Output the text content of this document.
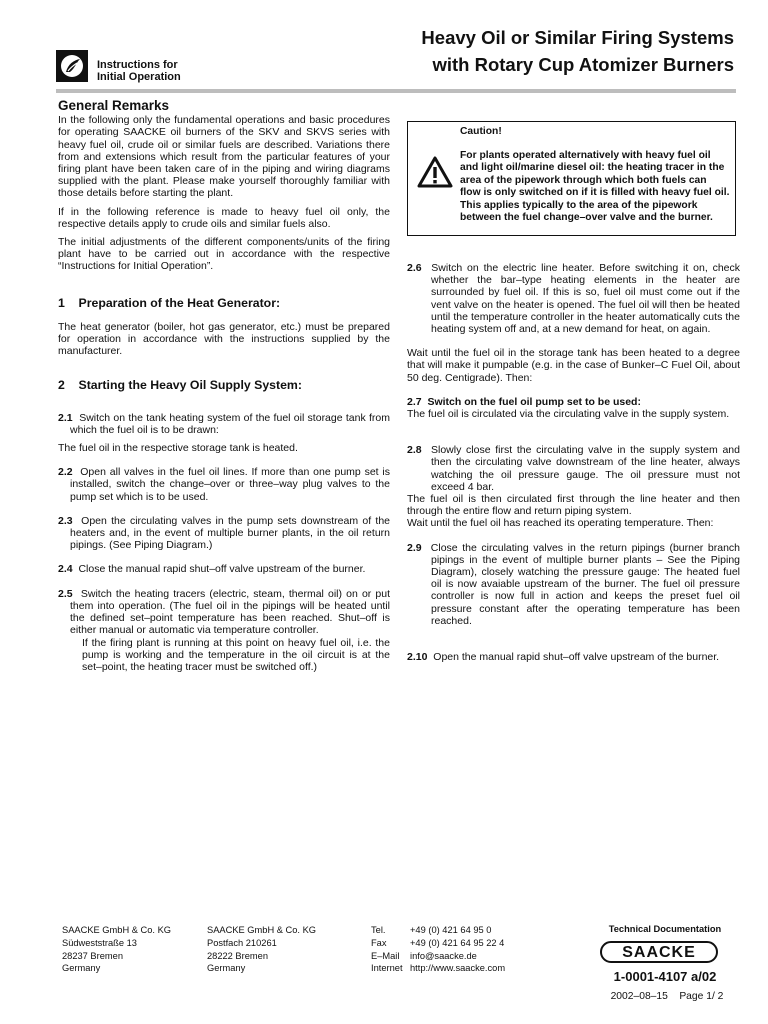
Heavy Oil or Similar Firing Systems
with Rotary Cup Atomizer Burners
Instructions for
Initial Operation

General Remarks

In the following only the fundamental operations and basic procedures for operating SAACKE oil burners of the SKV and SKVS series with heavy fuel oil, crude oil or similar fuels are described. Variations there from and extensions which result from the particular features of your firing plant have been taken care of in the piping and wiring diagrams supplied with the plant. Please make yourself thoroughly familiar with those details before starting the plant.

If in the following reference is made to heavy fuel oil only, the respective details apply to crude oils and similar fuels also.

The initial adjustments of the different components/units of the firing plant have to be carried out in accordance with the respective “Instructions for Initial Operation”.

1    Preparation of the Heat Generator:

The heat generator (boiler, hot gas generator, etc.) must be prepared for operation in accordance with the instructions supplied by the manufacturer.

2    Starting the Heavy Oil Supply System:

2.1 Switch on the tank heating system of the fuel oil storage tank from which the fuel oil is to be drawn:

The fuel oil in the respective storage tank is heated.

2.2 Open all valves in the fuel oil lines. If more than one pump set is installed, switch the change–over or three–way plug valves to the pump set which is to be used.

2.3 Open the circulating valves in the pump sets downstream of the heaters and, in the event of multiple burner plants, in the oil return pipings. (See Piping Diagram.)

2.4 Close the manual rapid shut–off valve upstream of the burner.

2.5 Switch the heating tracers (electric, steam, thermal oil) on or put them into operation. (The fuel oil in the pipings will be heated until the defined set–point temperature has been reached. Shut–off is either manual or automatic via temperature controller.

If the firing plant is running at this point on heavy fuel oil, i.e. the pump is working and the temperature in the oil circuit is at the set–point, the heating tracer must be switched off.)

Caution!
For plants operated alternatively with heavy fuel oil and light oil/marine diesel oil: the heating tracer in the area of the pipework through which both fuels can flow is only switched on if it is filled with heavy fuel oil. This applies typically to the area of the pipework between the fuel change–over valve and the burner.

2.6 Switch on the electric line heater. Before switching it on, check whether the bar–type heating elements in the heater are surrounded by fuel oil. If this is so, fuel oil must come out if the vent valve on the heater is opened. The fuel oil will then be heated until the temperature controller in the heater automatically cuts the heating system off and, at a new demand for heat, on again.

Wait until the fuel oil in the storage tank has been heated to a degree that will make it pumpable (e.g. in the case of Bunker–C Fuel Oil, about 50 deg. Centigrade). Then:

2.7 Switch on the fuel oil pump set to be used:

The fuel oil is circulated via the circulating valve in the supply system.

2.8 Slowly close first the circulating valve in the supply system and then the circulating valve downstream of the line heater, always watching the oil pressure gauge. The oil pressure must not exceed 4 bar.

The fuel oil is then circulated first through the line heater and then through the entire flow and return piping system.

Wait until the fuel oil has reached its operating temperature. Then:

2.9 Close the circulating valves in the return pipings (burner branch pipings in the event of multiple burner plants – See the Piping Diagram), closely watching the pressure gauge: The heated fuel oil is now avaiable upstream of the burner. The fuel oil pressure controller is now full in action and keeps the preset fuel oil pressure constant after the operating temperature has been reached.

2.10 Open the manual rapid shut–off valve upstream of the burner.

SAACKE GmbH & Co. KG
Südweststraße 13
28237 Bremen
Germany
SAACKE GmbH & Co. KG
Postfach 210261
28222 Bremen
Germany
Tel.
Fax
E–Mail
Internet
+49 (0) 421 64 95 0
+49 (0) 421 64 95 22 4
info@saacke.de
http://www.saacke.com
Technical Documentation
SAACKE
1-0001-4107 a/02
2002–08–15 Page 1/ 2
